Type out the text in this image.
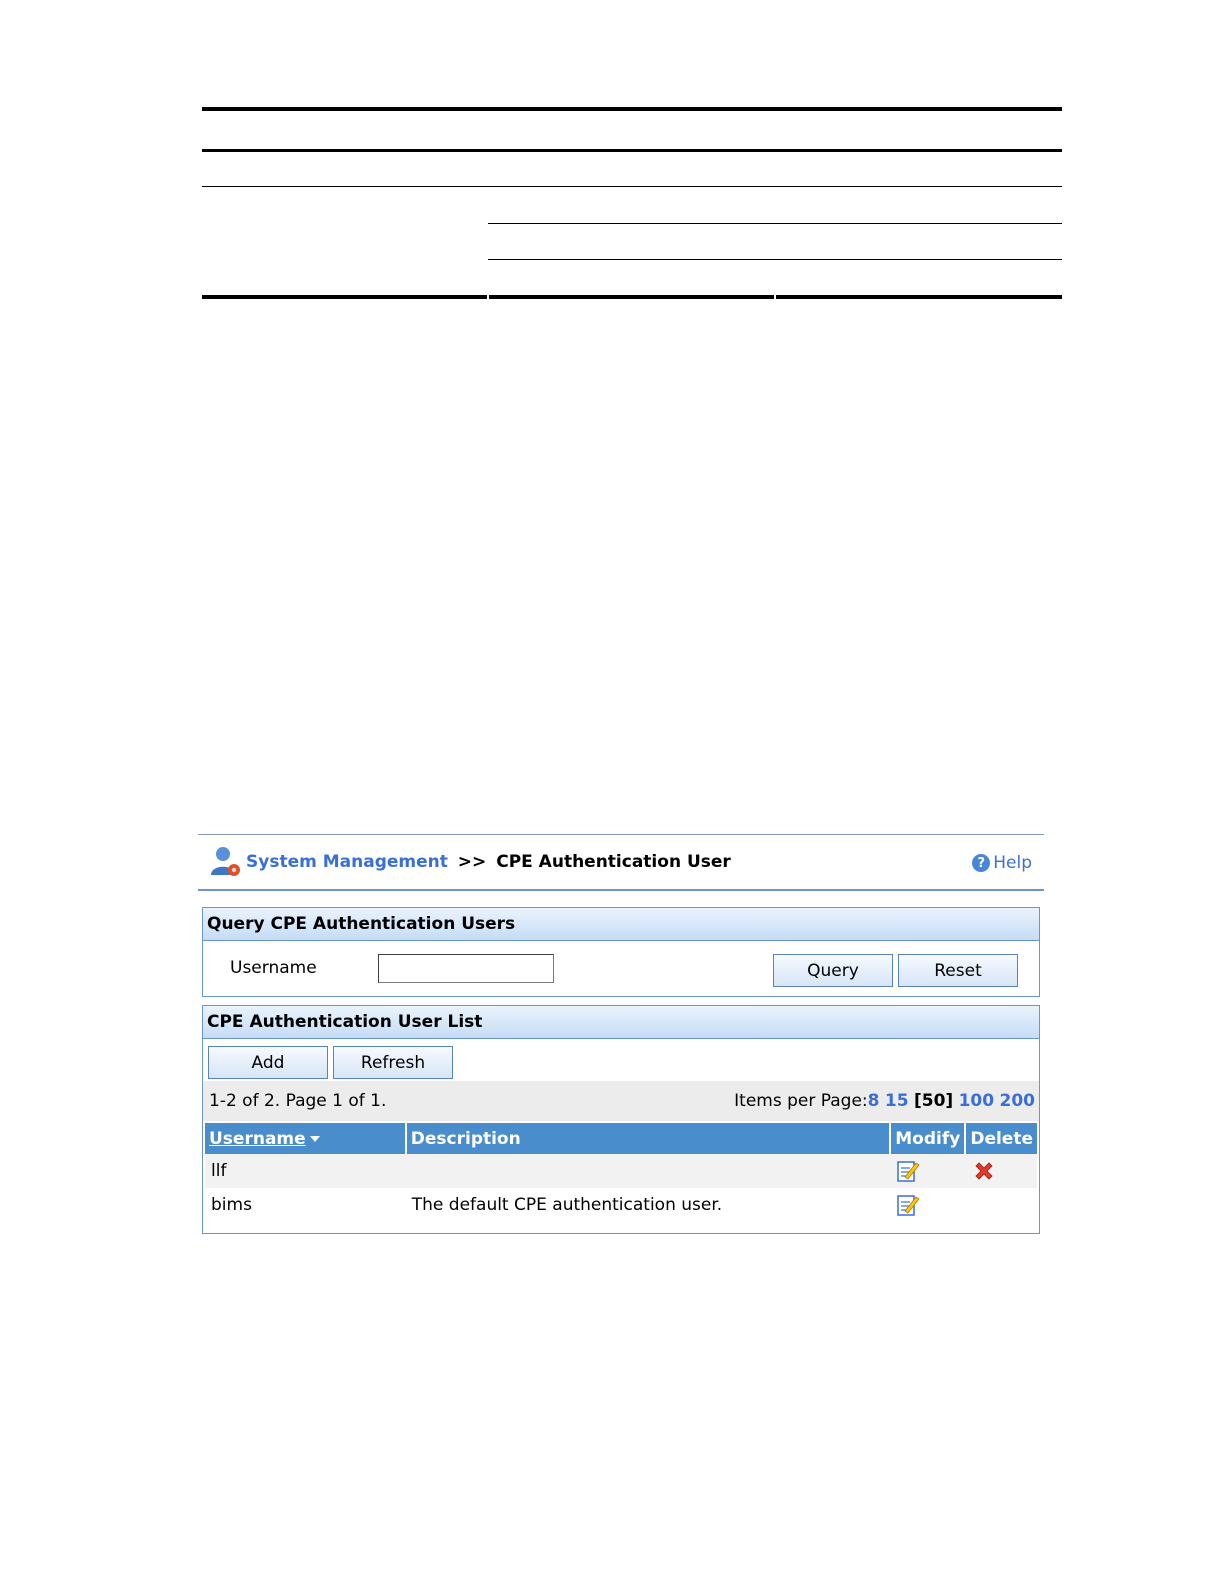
System Management >> CPE Authentication User	? Help
Query CPE Authentication Users
Username	Query	Reset
CPE Authentication User List
Add	Refresh
1-2 of 2. Page 1 of 1.	Items per Page:8 15 [50] 100 200
Username	Description	Modify	Delete
llf		

bims	The default CPE authentication user.	
